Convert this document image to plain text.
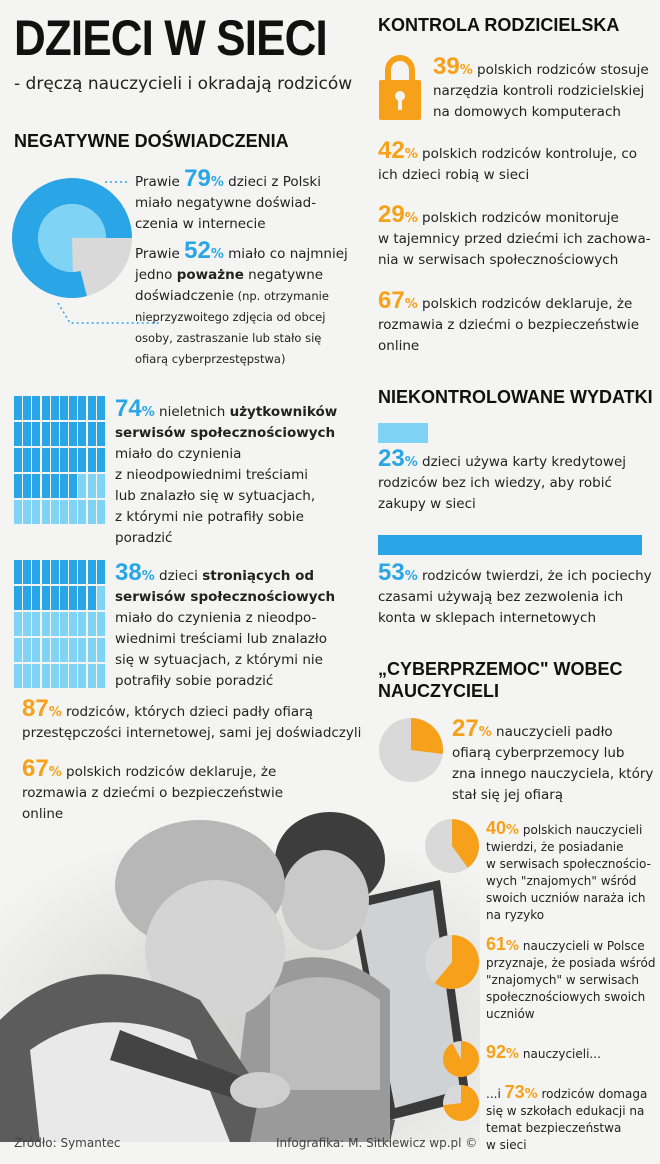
DZIECI W SIECI
- dręczą nauczycieli i okradają rodziców
NEGATYWNE DOŚWIADCZENIA
Prawie 79% dzieci z Polski
miało negatywne doświad-
czenia w internecie
Prawie 52% miało co najmniej
jedno poważne negatywne
doświadczenie (np. otrzymanie
nieprzyzwoitego zdjęcia od obcej
osoby, zastraszanie lub stało się
ofiarą cyberprzestępstwa)
74% nieletnich użytkowników
serwisów społecznościowych
miało do czynienia
z nieodpowiednimi treściami
lub znalazło się w sytuacjach,
z którymi nie potrafiły sobie
poradzić
38% dzieci stroniących od
serwisów społecznościowych
miało do czynienia z nieodpo-
wiednimi treściami lub znalazło
się w sytuacjach, z którymi nie
potrafiły sobie poradzić
87% rodziców, których dzieci padły ofiarą
przestępczości internetowej, sami jej doświadczyli
67% polskich rodziców deklaruje, że
rozmawia z dziećmi o bezpieczeństwie
online
KONTROLA RODZICIELSKA
39% polskich rodziców stosuje
narzędzia kontroli rodzicielskiej
na domowych komputerach
42% polskich rodziców kontroluje, co
ich dzieci robią w sieci
29% polskich rodziców monitoruje
w tajemnicy przed dziećmi ich zachowa-
nia w serwisach społecznościowych
67% polskich rodziców deklaruje, że
rozmawia z dziećmi o bezpieczeństwie
online
NIEKONTROLOWANE WYDATKI
23% dzieci używa karty kredytowej
rodziców bez ich wiedzy, aby robić
zakupy w sieci
53% rodziców twierdzi, że ich pociechy
czasami używają bez zezwolenia ich
konta w sklepach internetowych
„CYBERPRZEMOC" WOBEC
NAUCZYCIELI
27% nauczycieli padło
ofiarą cyberprzemocy lub
zna innego nauczyciela, który
stał się jej ofiarą
40% polskich nauczycieli
twierdzi, że posiadanie
w serwisach społecznościo-
wych "znajomych" wśród
swoich uczniów naraża ich
na ryzyko
61% nauczycieli w Polsce
przyznaje, że posiada wśród
"znajomych" w serwisach
społecznościowych swoich
uczniów
92% nauczycieli...
...i 73% rodziców domaga
się w szkołach edukacji na
temat bezpieczeństwa
w sieci
Źródło: Symantec	Infografika: M. Sitkiewicz wp.pl ©
